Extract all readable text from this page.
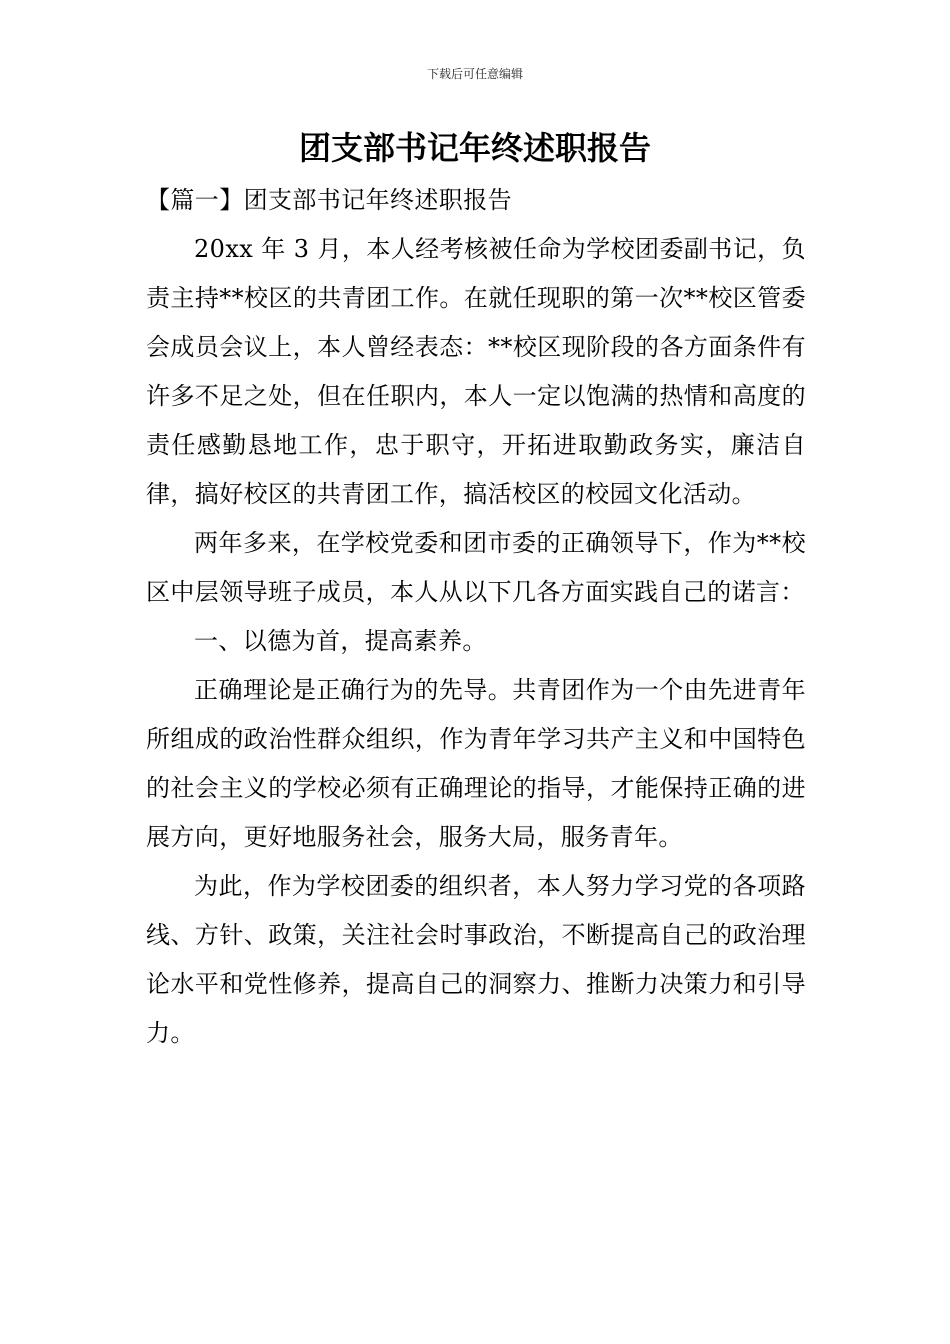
下载后可任意编辑
团支部书记年终述职报告

【篇一】团支部书记年终述职报告

20xx 年 3 月，本人经考核被任命为学校团委副书记，负责主持**校区的共青团工作。在就任现职的第一次**校区管委会成员会议上，本人曾经表态：**校区现阶段的各方面条件有许多不足之处，但在任职内，本人一定以饱满的热情和高度的责任感勤恳地工作，忠于职守，开拓进取勤政务实，廉洁自律，搞好校区的共青团工作，搞活校区的校园文化活动。

两年多来，在学校党委和团市委的正确领导下，作为**校区中层领导班子成员，本人从以下几各方面实践自己的诺言：

一、以德为首，提高素养。

正确理论是正确行为的先导。共青团作为一个由先进青年所组成的政治性群众组织，作为青年学习共产主义和中国特色的社会主义的学校必须有正确理论的指导，才能保持正确的进展方向，更好地服务社会，服务大局，服务青年。

为此，作为学校团委的组织者，本人努力学习党的各项路线、方针、政策，关注社会时事政治，不断提高自己的政治理论水平和党性修养，提高自己的洞察力、推断力决策力和引导力。
